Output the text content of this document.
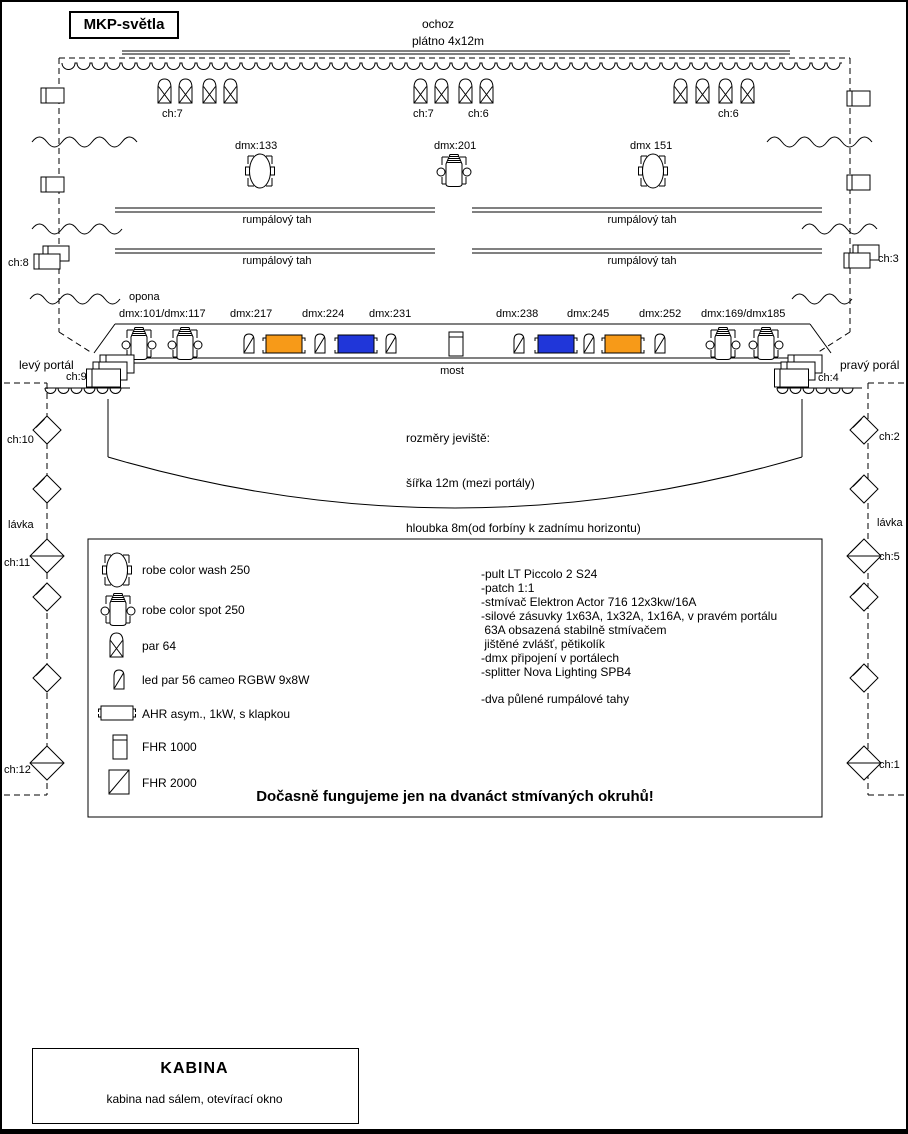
MKP-světla	ochoz
plátno 4x12m
ch:7	ch:7	ch:6	ch:6
dmx:133	dmx:201	dmx 151
rumpálový tah	rumpálový tah
rumpálový tah	rumpálový tah
ch:8	ch:3
opona
dmx:101/dmx:117 dmx:217	dmx:224 dmx:231	dmx:238	dmx:245	dmx:252 dmx:169/dmx185
most
levý portál
ch:9
pravý porál
ch:4

rozměry jeviště:

šířka 12m (mezi portály)

hloubka 8m(od forbíny k zadnímu horizontu)

ch:10	ch:2
lávka	lávka
ch:11	ch:5
ch:12	ch:1
robe color wash 250
robe color spot 250
par 64
led par 56 cameo RGBW 9x8W
AHR asym., 1kW, s klapkou
FHR 1000
FHR 2000
-pult LT Piccolo 2 S24
-patch 1:1
-stmívač Elektron Actor 716 12x3kw/16A
-silové zásuvky 1x63A, 1x32A, 1x16A, v pravém portálu
63A obsazená stabilně stmívačem
jištěné zvlášť, pětikolík
-dmx připojení v portálech
-splitter Nova Lighting SPB4
-dva půlené rumpálové tahy
Dočasně fungujeme jen na dvanáct stmívaných okruhů!
KABINA
kabina nad sálem, otevírací okno
